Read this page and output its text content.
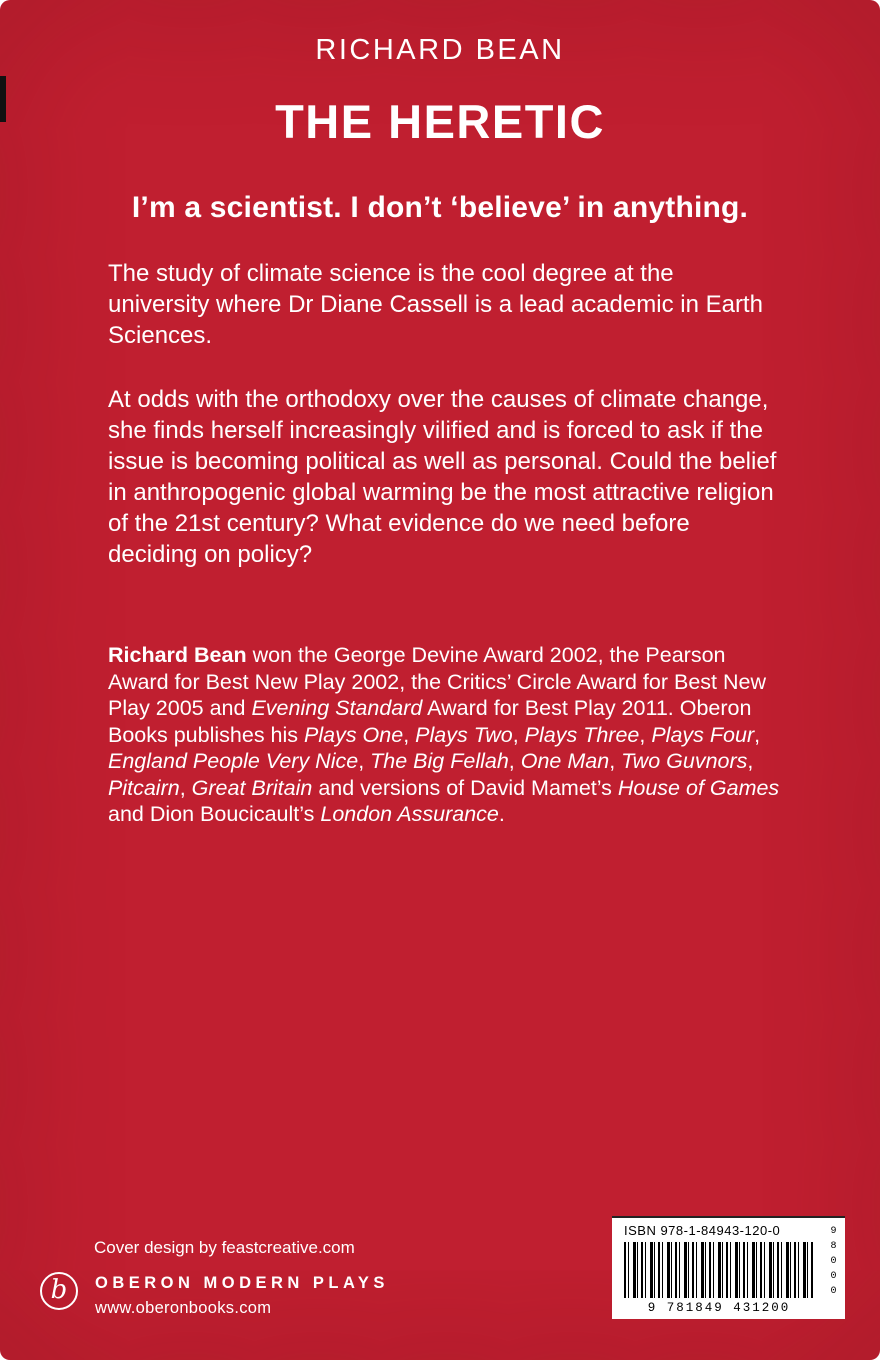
RICHARD BEAN
THE HERETIC
I’m a scientist. I don’t ‘believe’ in anything.

The study of climate science is the cool degree at the university where Dr Diane Cassell is a lead academic in Earth Sciences.

At odds with the orthodoxy over the causes of climate change, she finds herself increasingly vilified and is forced to ask if the issue is becoming political as well as personal. Could the belief in anthropogenic global warming be the most attractive religion of the 21st century? What evidence do we need before deciding on policy?

Richard Bean won the George Devine Award 2002, the Pearson Award for Best New Play 2002, the Critics’ Circle Award for Best New Play 2005 and Evening Standard Award for Best Play 2011. Oberon Books publishes his Plays One, Plays Two, Plays Three, Plays Four, England People Very Nice, The Big Fellah, One Man, Two Guvnors, Pitcairn, Great Britain and versions of David Mamet’s House of Games and Dion Boucicault’s London Assurance.
Cover design by feastcreative.com
b OBERON MODERN PLAYS
www.oberonbooks.com
ISBN 978-1-84943-120-0
9 781849 431200
98000
